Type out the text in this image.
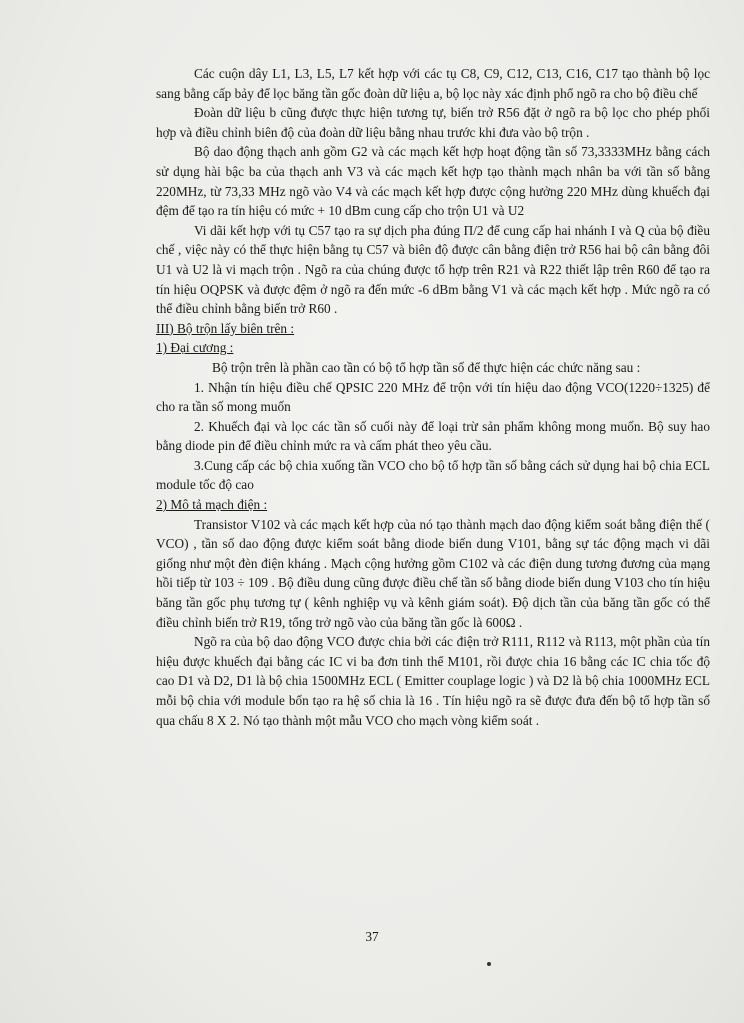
Các cuộn dây L1, L3, L5, L7 kết hợp với các tụ C8, C9, C12, C13, C16, C17 tạo thành bộ lọc sang bằng cấp bảy để lọc băng tần gốc đoàn dữ liệu a, bộ lọc này xác định phổ ngõ ra cho bộ điều chế

Đoàn dữ liệu b cũng được thực hiện tương tự, biến trở R56 đặt ở ngõ ra bộ lọc cho phép phối hợp và điều chỉnh biên độ của đoàn dữ liệu bằng nhau trước khi đưa vào bộ trộn .

Bộ dao động thạch anh gồm G2 và các mạch kết hợp hoạt động tần số 73,3333MHz bằng cách sử dụng hài bậc ba của thạch anh V3 và các mạch kết hợp tạo thành mạch nhân ba với tần số bằng 220MHz, từ 73,33 MHz ngõ vào V4 và các mạch kết hợp được cộng hưởng 220 MHz dùng khuếch đại đệm để tạo ra tín hiệu có mức + 10 dBm cung cấp cho trộn U1 và U2

Vi dãi kết hợp với tụ C57 tạo ra sự dịch pha đúng Π/2 để cung cấp hai nhánh I và Q của bộ điều chế , việc này có thể thực hiện bằng tụ C57 và biên độ được cân bằng điện trở R56 hai bộ cân bằng đôi U1 và U2 là vi mạch trộn . Ngõ ra của chúng được tổ hợp trên R21 và R22 thiết lập trên R60 để tạo ra tín hiệu OQPSK và được đệm ở ngõ ra đến mức -6 dBm bằng V1 và các mạch kết hợp . Mức ngõ ra có thể điều chỉnh bằng biến trở R60 .

III) Bộ trộn lấy biên trên :

1) Đại cương :

Bộ trộn trên là phần cao tần có bộ tổ hợp tần số để thực hiện các chức năng sau :

1. Nhận tín hiệu điều chế QPSIC 220 MHz để trộn với tín hiệu dao động VCO(1220÷1325) để cho ra tần số mong muốn

2. Khuếch đại và lọc các tần số cuối này để loại trừ sản phẩm không mong muốn. Bộ suy hao bằng diode pin để điều chỉnh mức ra và cấm phát theo yêu cầu.

3.Cung cấp các bộ chia xuống tần VCO cho bộ tổ hợp tần số bằng cách sử dụng hai bộ chia ECL module tốc độ cao

2) Mô tả mạch điện :

Transistor V102 và các mạch kết hợp của nó tạo thành mạch dao động kiểm soát bằng điện thế ( VCO) , tần số dao động được kiểm soát bằng diode biến dung V101, bằng sự tác động mạch vi dãi giống như một đèn điện kháng . Mạch cộng hưởng gồm C102 và các điện dung tương đương của mạng hồi tiếp từ 103 ÷ 109 . Bộ điều dung cũng được điều chế tần số bằng diode biến dung V103 cho tín hiệu băng tần gốc phụ tương tự ( kênh nghiệp vụ và kênh giám soát). Độ dịch tần của băng tần gốc có thể điều chỉnh biến trở R19, tổng trở ngõ vào của băng tần gốc là 600Ω .

Ngõ ra của bộ dao động VCO được chia bởi các điện trở R111, R112 và R113, một phần của tín hiệu được khuếch đại bằng các IC vi ba đơn tinh thể M101, rồi được chia 16 bằng các IC chia tốc độ cao D1 và D2, D1 là bộ chia 1500MHz ECL ( Emitter couplage logic ) và D2 là bộ chia 1000MHz ECL mỗi bộ chia với module bốn tạo ra hệ số chia là 16 . Tín hiệu ngõ ra sẽ được đưa đến bộ tổ hợp tần số qua chấu 8 X 2. Nó tạo thành một mẫu VCO cho mạch vòng kiểm soát .

37
